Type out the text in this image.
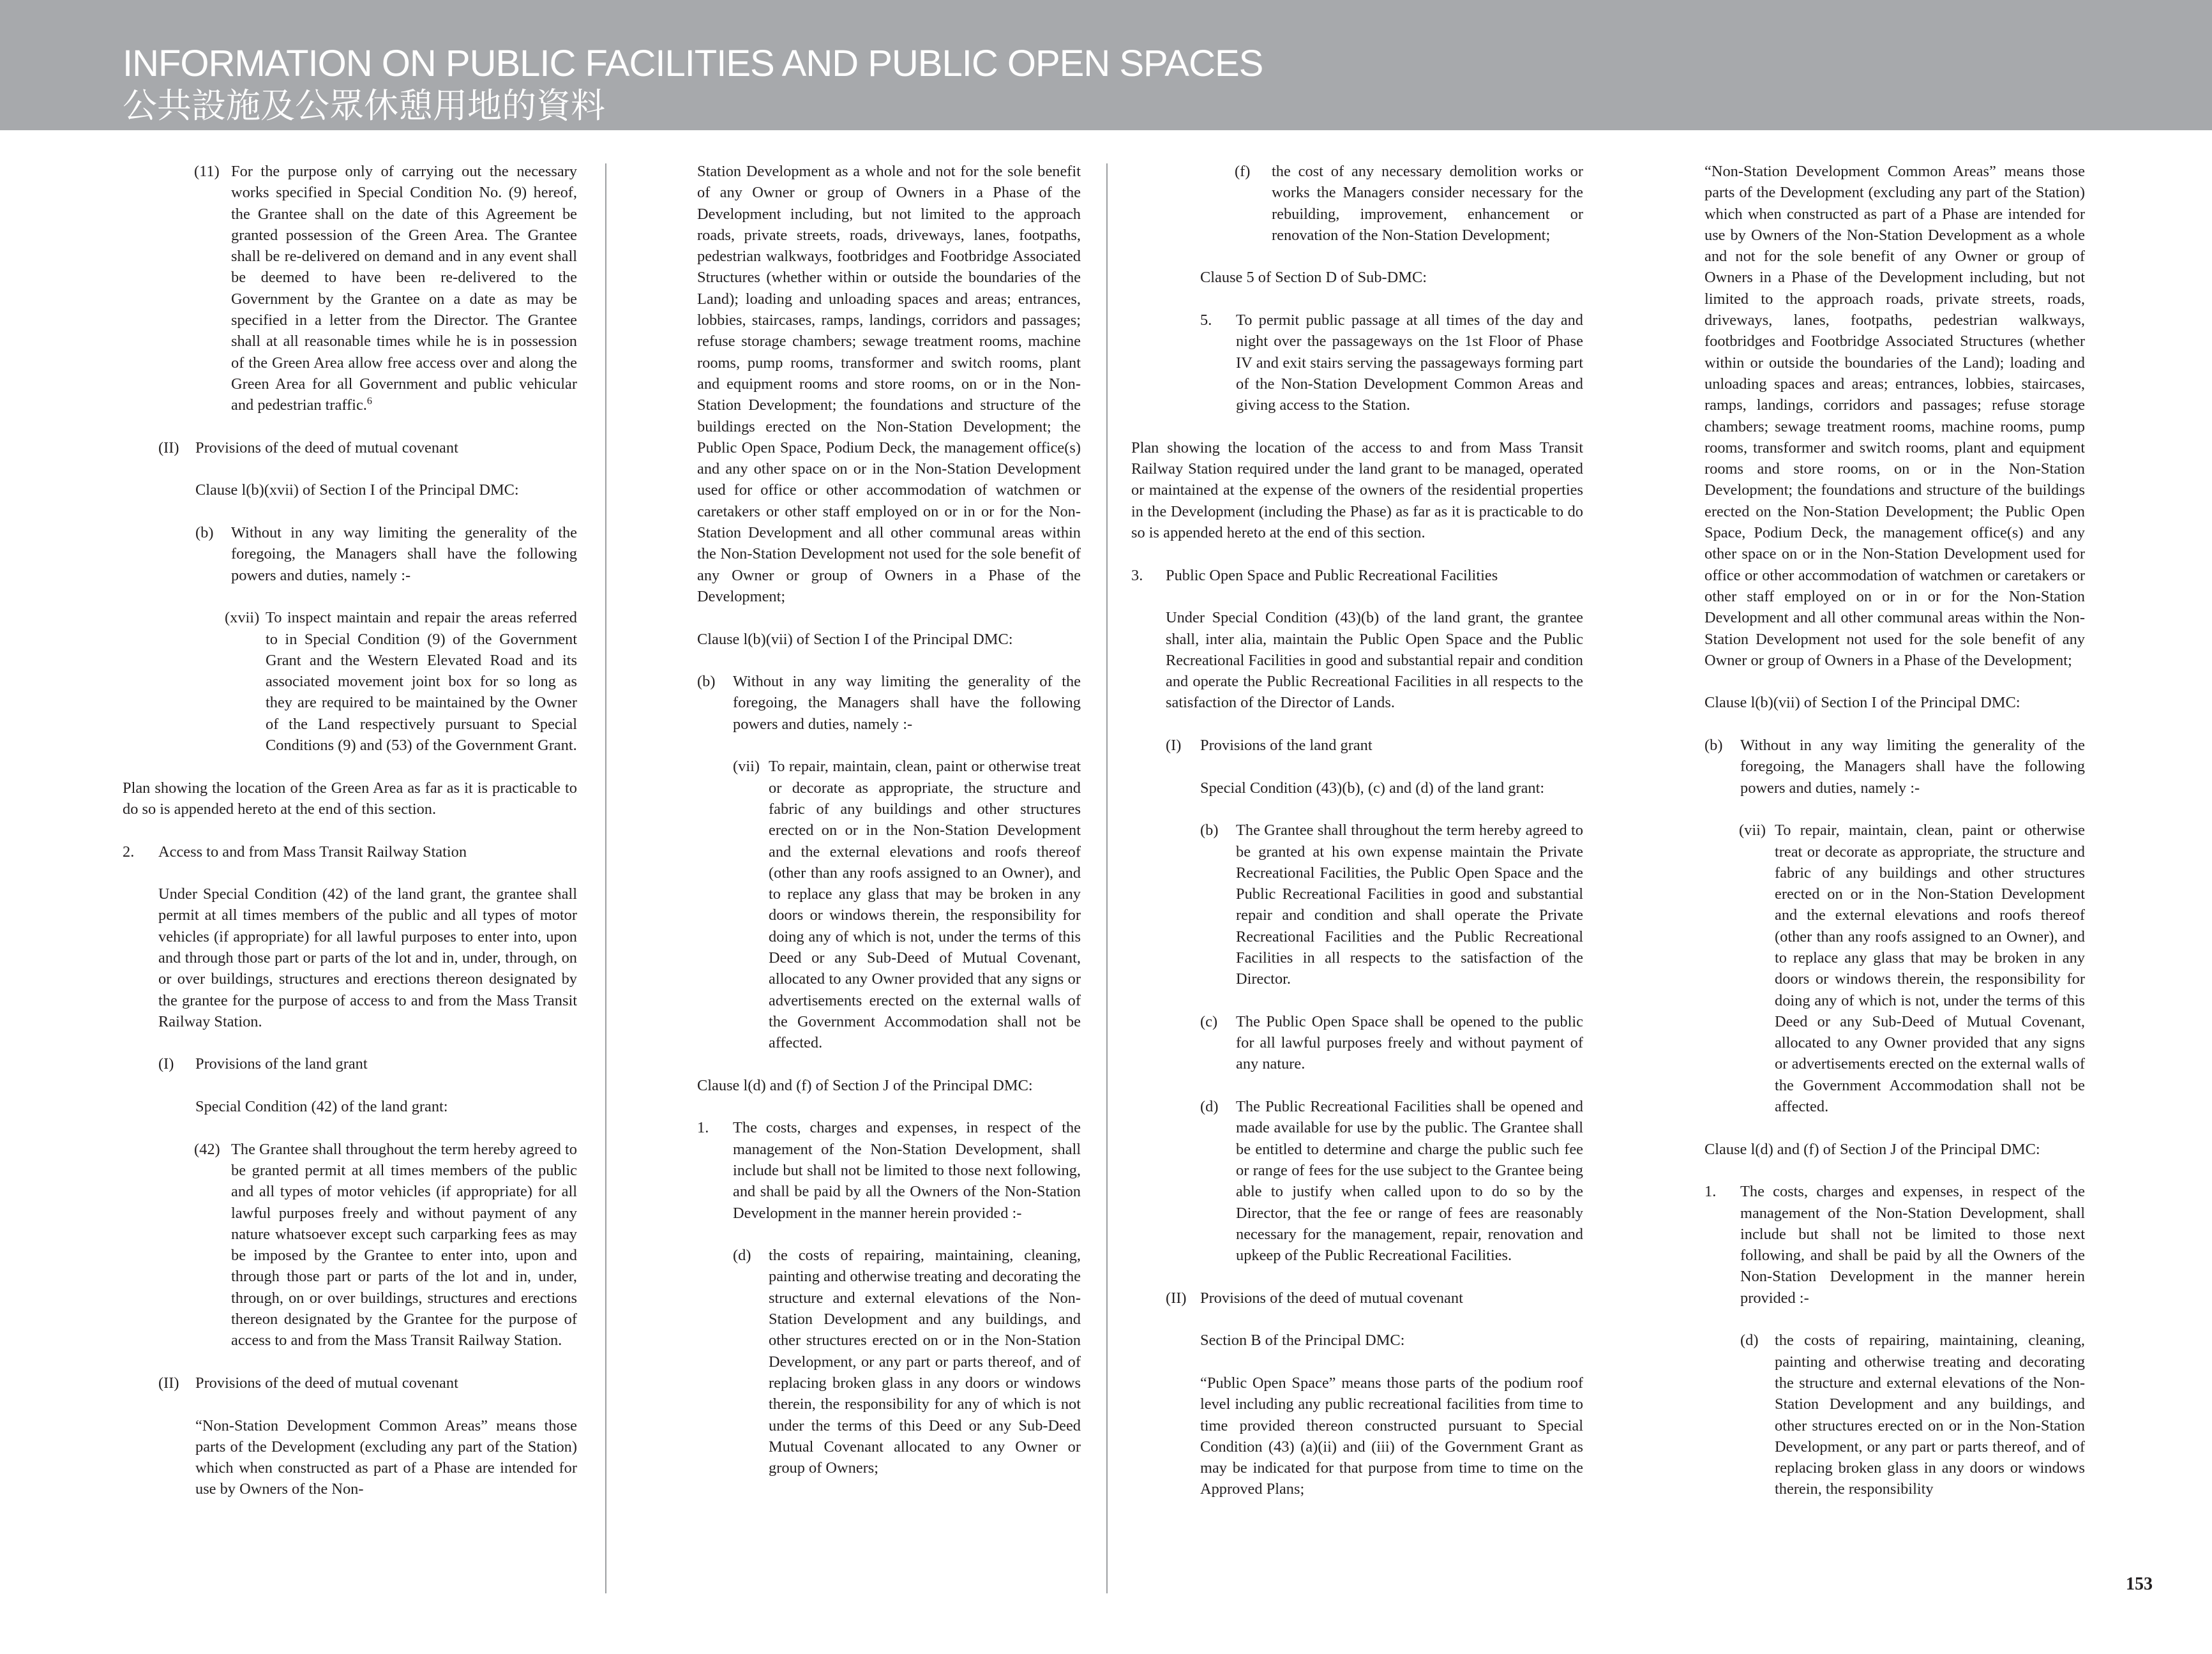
INFORMATION ON PUBLIC FACILITIES AND PUBLIC OPEN SPACES
公共設施及公眾休憩用地的資料
(11) For the purpose only of carrying out the necessary works specified in Special Condition No. (9) hereof, the Grantee shall on the date of this Agreement be granted possession of the Green Area. The Grantee shall be re-delivered on demand and in any event shall be deemed to have been re-delivered to the Government by the Grantee on a date as may be specified in a letter from the Director. The Grantee shall at all reasonable times while he is in possession of the Green Area allow free access over and along the Green Area for all Government and public vehicular and pedestrian traffic.$^6$

(II) Provisions of the deed of mutual covenant

Clause l(b)(xvii) of Section I of the Principal DMC:

(b) Without in any way limiting the generality of the foregoing, the Managers shall have the following powers and duties, namely :-

(xvii) To inspect maintain and repair the areas referred to in Special Condition (9) of the Government Grant and the Western Elevated Road and its associated movement joint box for so long as they are required to be maintained by the Owner of the Land respectively pursuant to Special Conditions (9) and (53) of the Government Grant.

Plan showing the location of the Green Area as far as it is practicable to do so is appended hereto at the end of this section.

2. Access to and from Mass Transit Railway Station

Under Special Condition (42) of the land grant, the grantee shall permit at all times members of the public and all types of motor vehicles (if appropriate) for all lawful purposes to enter into, upon and through those part or parts of the lot and in, under, through, on or over buildings, structures and erections thereon designated by the grantee for the purpose of access to and from the Mass Transit Railway Station.

(I) Provisions of the land grant

Special Condition (42) of the land grant:

(42) The Grantee shall throughout the term hereby agreed to be granted permit at all times members of the public and all types of motor vehicles (if appropriate) for all lawful purposes freely and without payment of any nature whatsoever except such carparking fees as may be imposed by the Grantee to enter into, upon and through those part or parts of the lot and in, under, through, on or over buildings, structures and erections thereon designated by the Grantee for the purpose of access to and from the Mass Transit Railway Station.

(II) Provisions of the deed of mutual covenant

“Non-Station Development Common Areas” means those parts of the Development (excluding any part of the Station) which when constructed as part of a Phase are intended for use by Owners of the Non-

Station Development as a whole and not for the sole benefit of any Owner or group of Owners in a Phase of the Development including, but not limited to the approach roads, private streets, roads, driveways, lanes, footpaths, pedestrian walkways, footbridges and Footbridge Associated Structures (whether within or outside the boundaries of the Land); loading and unloading spaces and areas; entrances, lobbies, staircases, ramps, landings, corridors and passages; refuse storage chambers; sewage treatment rooms, machine rooms, pump rooms, transformer and switch rooms, plant and equipment rooms and store rooms, on or in the Non-Station Development; the foundations and structure of the buildings erected on the Non-Station Development; the Public Open Space, Podium Deck, the management office(s) and any other space on or in the Non-Station Development used for office or other accommodation of watchmen or caretakers or other staff employed on or in or for the Non-Station Development and all other communal areas within the Non-Station Development not used for the sole benefit of any Owner or group of Owners in a Phase of the Development;

Clause l(b)(vii) of Section I of the Principal DMC:

(b) Without in any way limiting the generality of the foregoing, the Managers shall have the following powers and duties, namely :-

(vii) To repair, maintain, clean, paint or otherwise treat or decorate as appropriate, the structure and fabric of any buildings and other structures erected on or in the Non-Station Development and the external elevations and roofs thereof (other than any roofs assigned to an Owner), and to replace any glass that may be broken in any doors or windows therein, the responsibility for doing any of which is not, under the terms of this Deed or any Sub-Deed of Mutual Covenant, allocated to any Owner provided that any signs or advertisements erected on the external walls of the Government Accommodation shall not be affected.

Clause l(d) and (f) of Section J of the Principal DMC:

1. The costs, charges and expenses, in respect of the management of the Non-Station Development, shall include but shall not be limited to those next following, and shall be paid by all the Owners of the Non-Station Development in the manner herein provided :-

(d) the costs of repairing, maintaining, cleaning, painting and otherwise treating and decorating the structure and external elevations of the Non-Station Development and any buildings, and other structures erected on or in the Non-Station Development, or any part or parts thereof, and of replacing broken glass in any doors or windows therein, the responsibility for any of which is not under the terms of this Deed or any Sub-Deed Mutual Covenant allocated to any Owner or group of Owners;

(f) the cost of any necessary demolition works or works the Managers consider necessary for the rebuilding, improvement, enhancement or renovation of the Non-Station Development;

Clause 5 of Section D of Sub-DMC:

5. To permit public passage at all times of the day and night over the passageways on the 1st Floor of Phase IV and exit stairs serving the passageways forming part of the Non-Station Development Common Areas and giving access to the Station.

Plan showing the location of the access to and from Mass Transit Railway Station required under the land grant to be managed, operated or maintained at the expense of the owners of the residential properties in the Development (including the Phase) as far as it is practicable to do so is appended hereto at the end of this section.

3. Public Open Space and Public Recreational Facilities

Under Special Condition (43)(b) of the land grant, the grantee shall, inter alia, maintain the Public Open Space and the Public Recreational Facilities in good and substantial repair and condition and operate the Public Recreational Facilities in all respects to the satisfaction of the Director of Lands.

(I) Provisions of the land grant

Special Condition (43)(b), (c) and (d) of the land grant:

(b) The Grantee shall throughout the term hereby agreed to be granted at his own expense maintain the Private Recreational Facilities, the Public Open Space and the Public Recreational Facilities in good and substantial repair and condition and shall operate the Private Recreational Facilities and the Public Recreational Facilities in all respects to the satisfaction of the Director.

(c) The Public Open Space shall be opened to the public for all lawful purposes freely and without payment of any nature.

(d) The Public Recreational Facilities shall be opened and made available for use by the public. The Grantee shall be entitled to determine and charge the public such fee or range of fees for the use subject to the Grantee being able to justify when called upon to do so by the Director, that the fee or range of fees are reasonably necessary for the management, repair, renovation and upkeep of the Public Recreational Facilities.

(II) Provisions of the deed of mutual covenant

Section B of the Principal DMC:

“Public Open Space” means those parts of the podium roof level including any public recreational facilities from time to time provided thereon constructed pursuant to Special Condition (43) (a)(ii) and (iii) of the Government Grant as may be indicated for that purpose from time to time on the Approved Plans;

“Non-Station Development Common Areas” means those parts of the Development (excluding any part of the Station) which when constructed as part of a Phase are intended for use by Owners of the Non-Station Development as a whole and not for the sole benefit of any Owner or group of Owners in a Phase of the Development including, but not limited to the approach roads, private streets, roads, driveways, lanes, footpaths, pedestrian walkways, footbridges and Footbridge Associated Structures (whether within or outside the boundaries of the Land); loading and unloading spaces and areas; entrances, lobbies, staircases, ramps, landings, corridors and passages; refuse storage chambers; sewage treatment rooms, machine rooms, pump rooms, transformer and switch rooms, plant and equipment rooms and store rooms, on or in the Non-Station Development; the foundations and structure of the buildings erected on the Non-Station Development; the Public Open Space, Podium Deck, the management office(s) and any other space on or in the Non-Station Development used for office or other accommodation of watchmen or caretakers or other staff employed on or in or for the Non-Station Development and all other communal areas within the Non-Station Development not used for the sole benefit of any Owner or group of Owners in a Phase of the Development;

Clause l(b)(vii) of Section I of the Principal DMC:

(b) Without in any way limiting the generality of the foregoing, the Managers shall have the following powers and duties, namely :-

(vii) To repair, maintain, clean, paint or otherwise treat or decorate as appropriate, the structure and fabric of any buildings and other structures erected on or in the Non-Station Development and the external elevations and roofs thereof (other than any roofs assigned to an Owner), and to replace any glass that may be broken in any doors or windows therein, the responsibility for doing any of which is not, under the terms of this Deed or any Sub-Deed of Mutual Covenant, allocated to any Owner provided that any signs or advertisements erected on the external walls of the Government Accommodation shall not be affected.

Clause l(d) and (f) of Section J of the Principal DMC:

1. The costs, charges and expenses, in respect of the management of the Non-Station Development, shall include but shall not be limited to those next following, and shall be paid by all the Owners of the Non-Station Development in the manner herein provided :-

(d) the costs of repairing, maintaining, cleaning, painting and otherwise treating and decorating the structure and external elevations of the Non-Station Development and any buildings, and other structures erected on or in the Non-Station Development, or any part or parts thereof, and of replacing broken glass in any doors or windows therein, the responsibility

153
